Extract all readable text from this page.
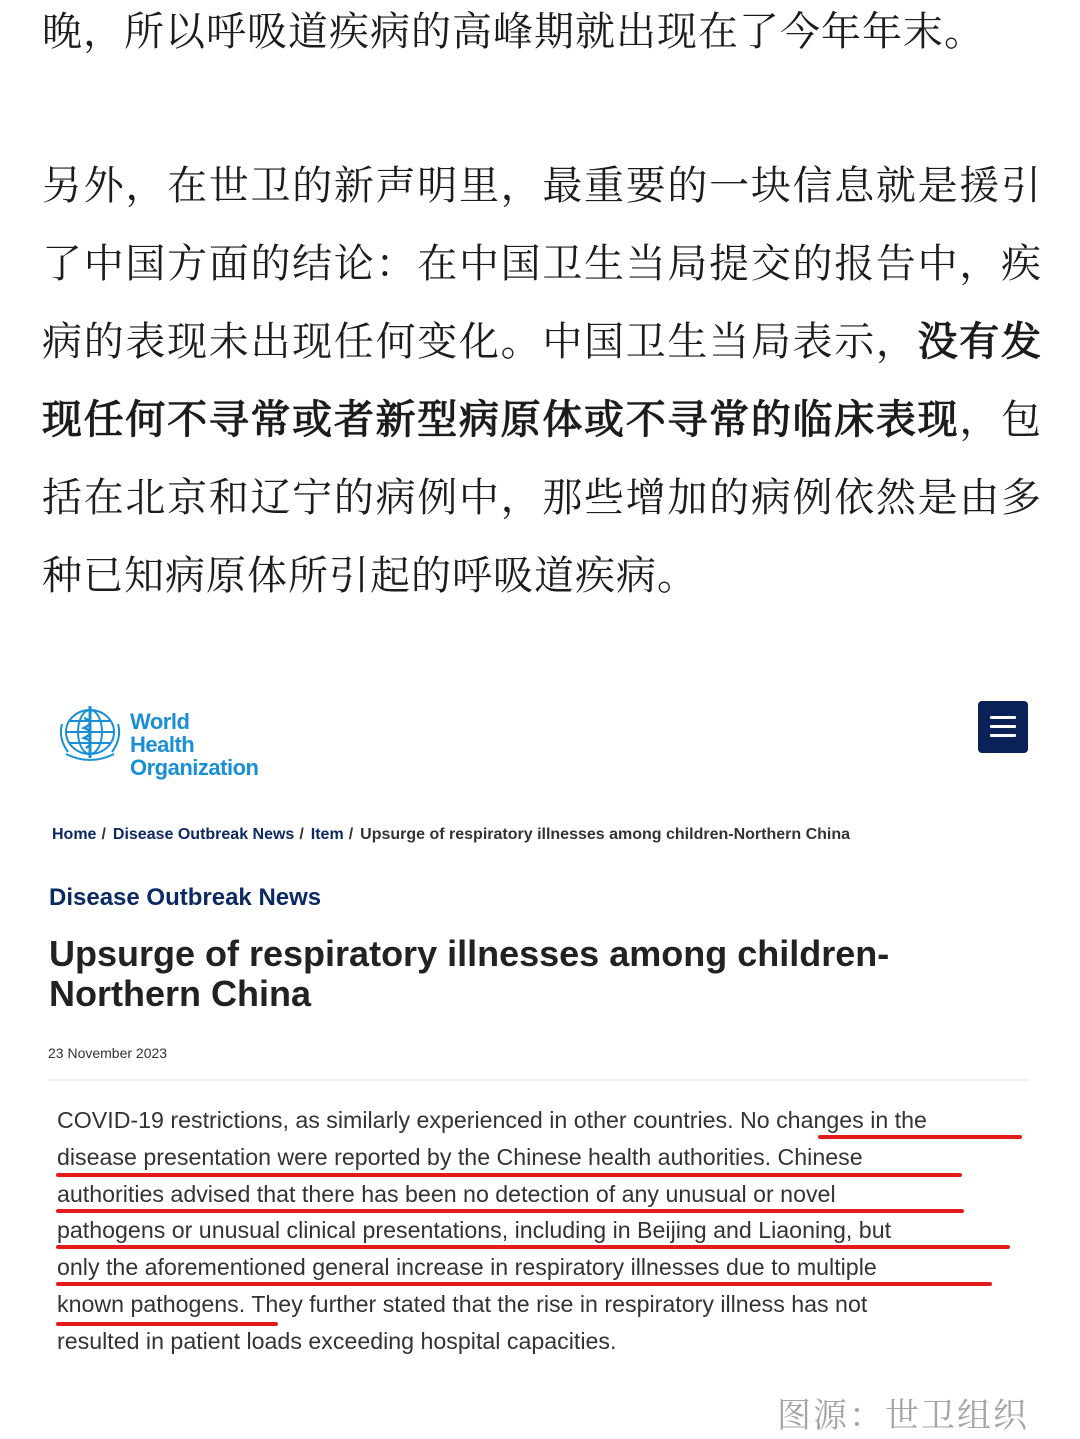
晚，所以呼吸道疾病的高峰期就出现在了今年年末。

另外，在世卫的新声明里，最重要的一块信息就是援引了中国方面的结论：在中国卫生当局提交的报告中，疾病的表现未出现任何变化。中国卫生当局表示，没有发现任何不寻常或者新型病原体或不寻常的临床表现，包括在北京和辽宁的病例中，那些增加的病例依然是由多种已知病原体所引起的呼吸道疾病。

World Health
Organization
Home / Disease Outbreak News / Item / Upsurge of respiratory illnesses among children-Northern China
Disease Outbreak News
Upsurge of respiratory illnesses among children-Northern China
23 November 2023
COVID-19 restrictions, as similarly experienced in other countries. No changes in the
disease presentation were reported by the Chinese health authorities. Chinese
authorities advised that there has been no detection of any unusual or novel
pathogens or unusual clinical presentations, including in Beijing and Liaoning, but
only the aforementioned general increase in respiratory illnesses due to multiple
known pathogens. They further stated that the rise in respiratory illness has not
resulted in patient loads exceeding hospital capacities.
图源：世卫组织
